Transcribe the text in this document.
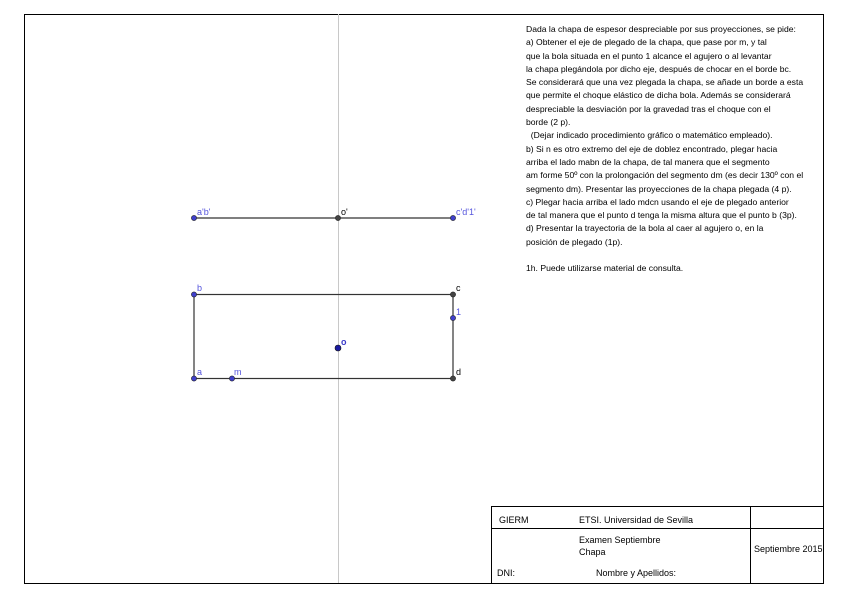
a'b'	o'	c'd'1'
b	c
1
o
a	m	d
Dada la chapa de espesor despreciable por sus proyecciones, se pide:
a) Obtener el eje de plegado de la chapa, que pase por m, y tal
que la bola situada en el punto 1 alcance el agujero o al levantar
la chapa plegándola por dicho eje, después de chocar en el borde bc.
Se considerará que una vez plegada la chapa, se añade un borde a esta
que permite el choque elástico de dicha bola. Además se considerará
despreciable la desviación por la gravedad tras el choque con el
borde (2 p).
(Dejar indicado procedimiento gráfico o matemático empleado).
b) Si n es otro extremo del eje de doblez encontrado, plegar hacia
arriba el lado mabn de la chapa, de tal manera que el segmento
am forme 50º con la prolongación del segmento dm (es decir 130º con el
segmento dm). Presentar las proyecciones de la chapa plegada (4 p).
c) Plegar hacia arriba el lado mdcn usando el eje de plegado anterior
de tal manera que el punto d tenga la misma altura que el punto b (3p).
d) Presentar la trayectoria de la bola al caer al agujero o, en la
posición de plegado (1p).
1h. Puede utilizarse material de consulta.
GIERM	ETSI. Universidad de Sevilla
Examen Septiembre
Chapa	Septiembre 2015
DNI:	Nombre y Apellidos:
